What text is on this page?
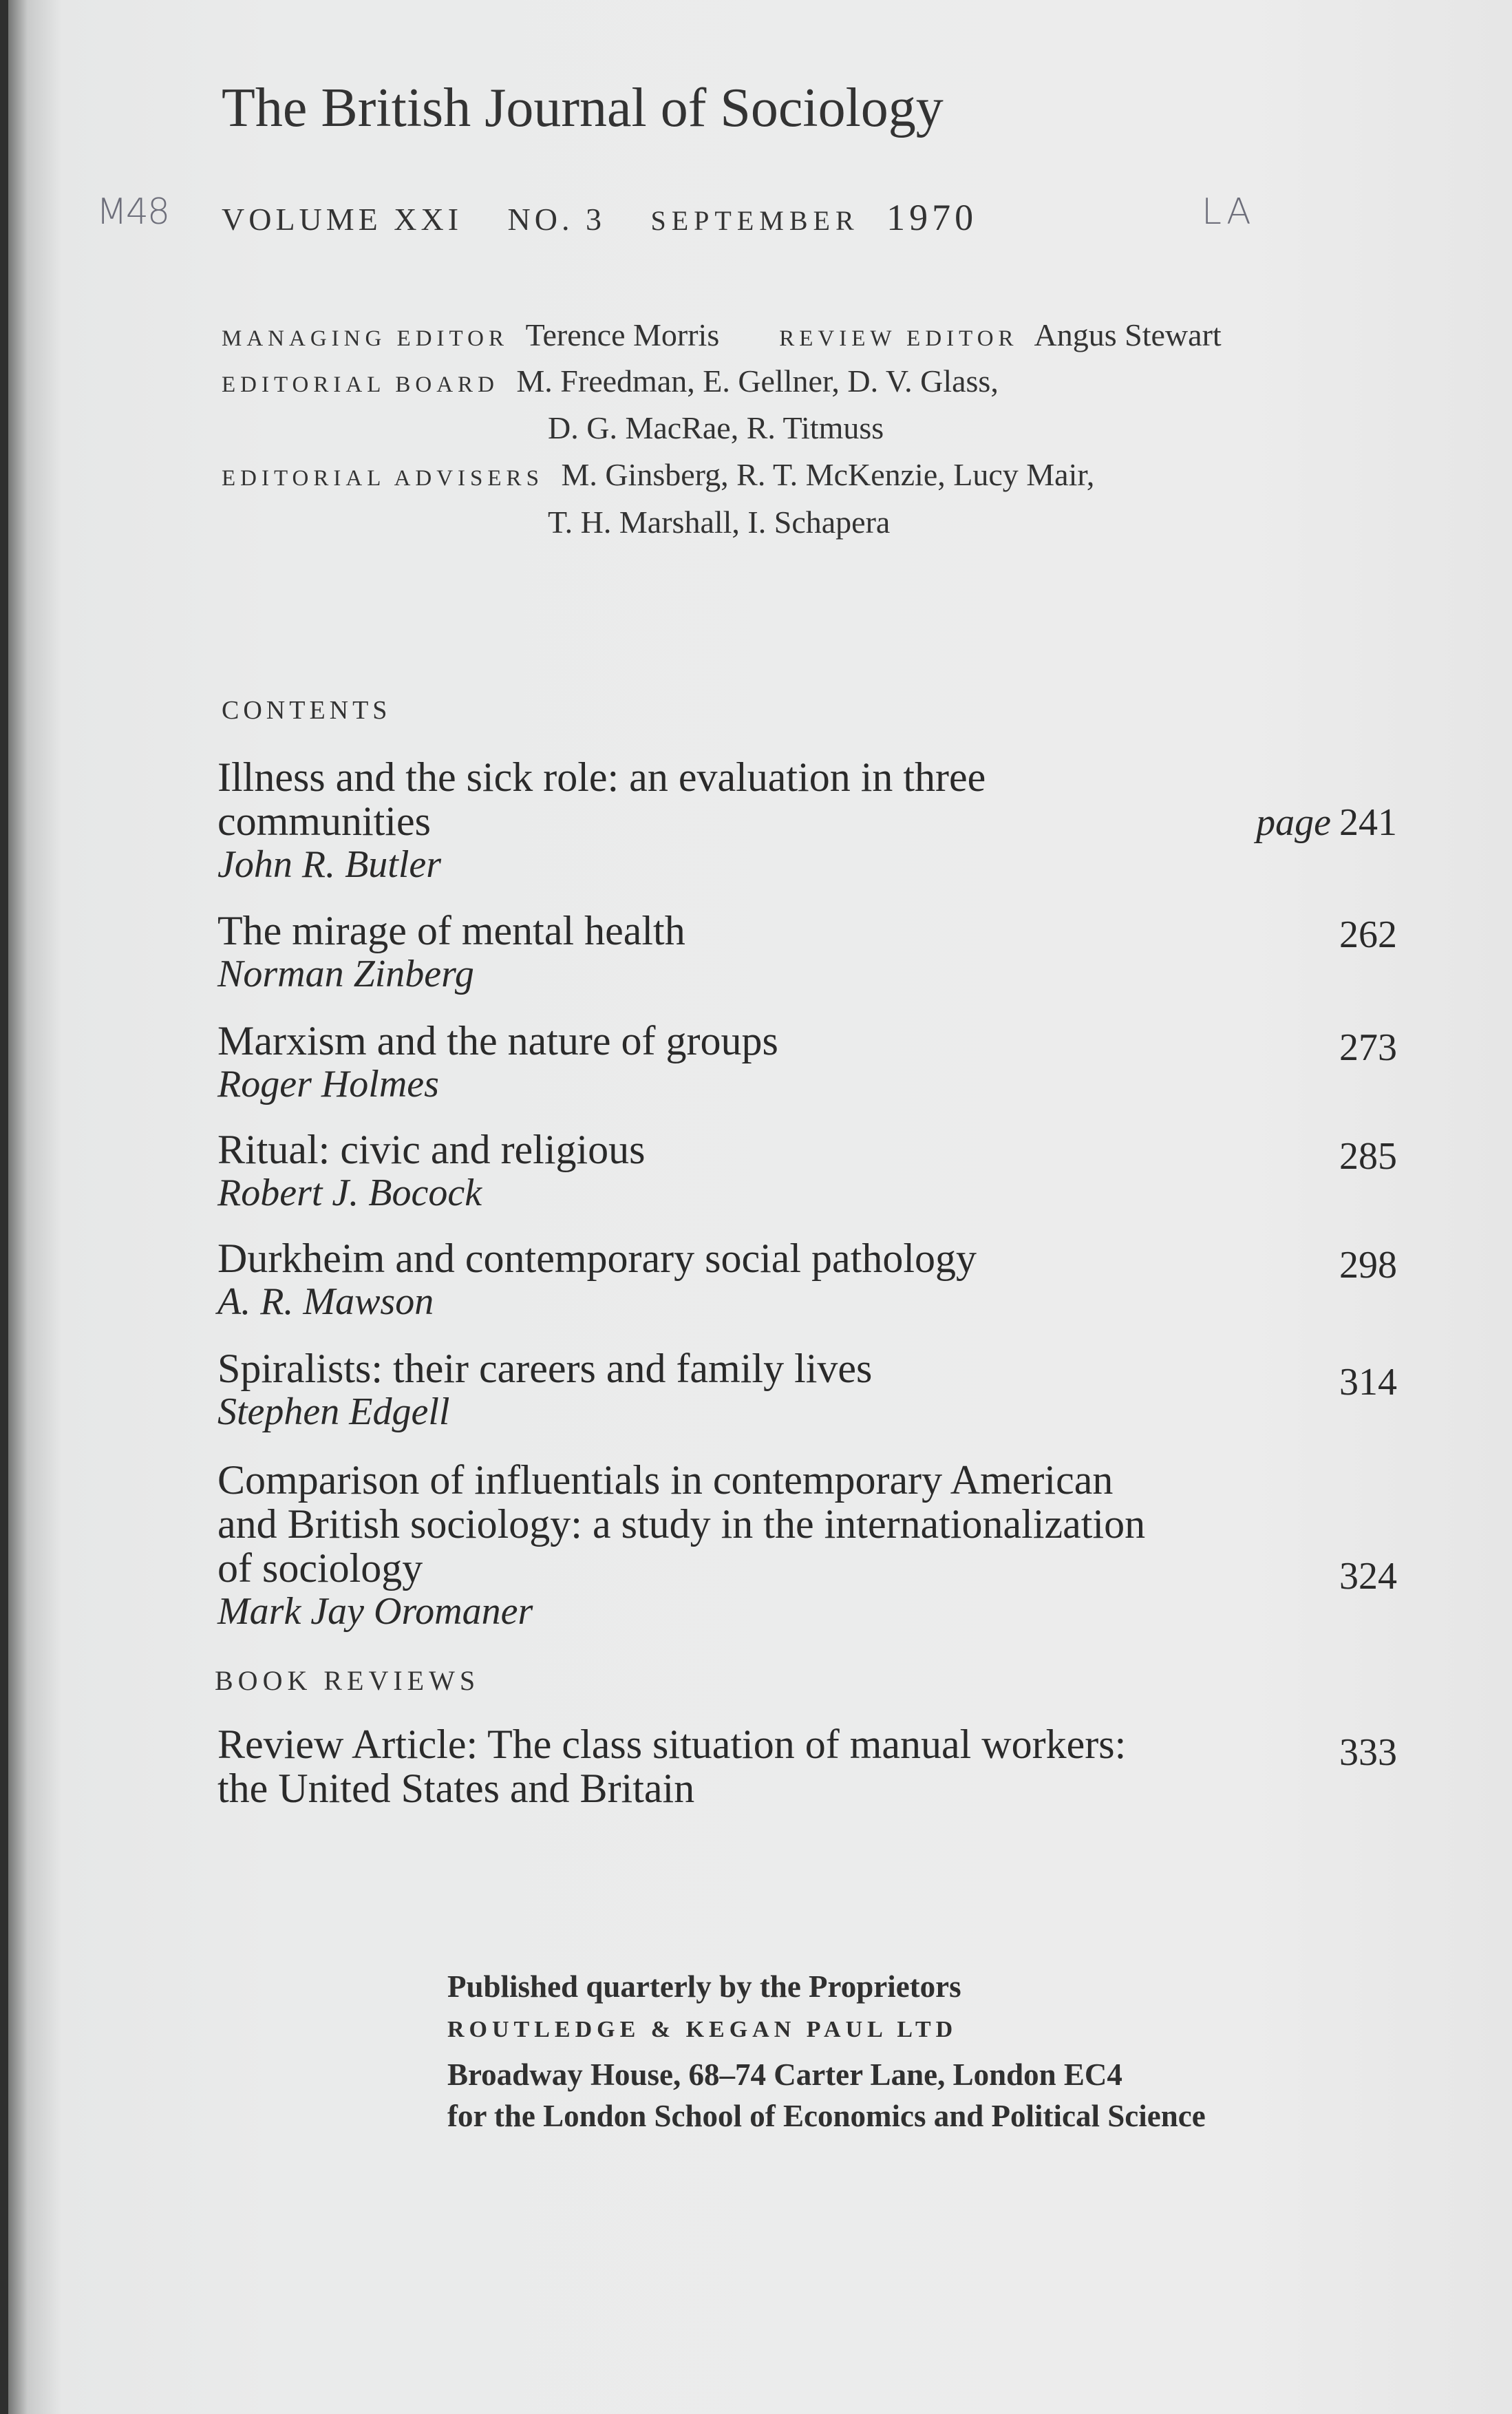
The British Journal of Sociology
M48 VOLUME XXI NO. 3 SEPTEMBER 1970	LA
MANAGING EDITOR Terence Morris	REVIEW EDITOR Angus Stewart
EDITORIAL BOARD M. Freedman, E. Gellner, D. V. Glass,
D. G. MacRae, R. Titmuss
EDITORIAL ADVISERS M. Ginsberg, R. T. McKenzie, Lucy Mair,
T. H. Marshall, I. Schapera
CONTENTS
Illness and the sick role: an evaluation in three
communities
John R. Butler
page 241
The mirage of mental health
Norman Zinberg
262
Marxism and the nature of groups
Roger Holmes
273
Ritual: civic and religious
Robert J. Bocock
285
Durkheim and contemporary social pathology
A. R. Mawson
298
Spiralists: their careers and family lives
Stephen Edgell
314
Comparison of influentials in contemporary American
and British sociology: a study in the internationalization
of sociology
Mark Jay Oromaner
324
BOOK REVIEWS
Review Article: The class situation of manual workers:
the United States and Britain
333
Published quarterly by the Proprietors
ROUTLEDGE & KEGAN PAUL LTD
Broadway House, 68–74 Carter Lane, London EC4
for the London School of Economics and Political Science
